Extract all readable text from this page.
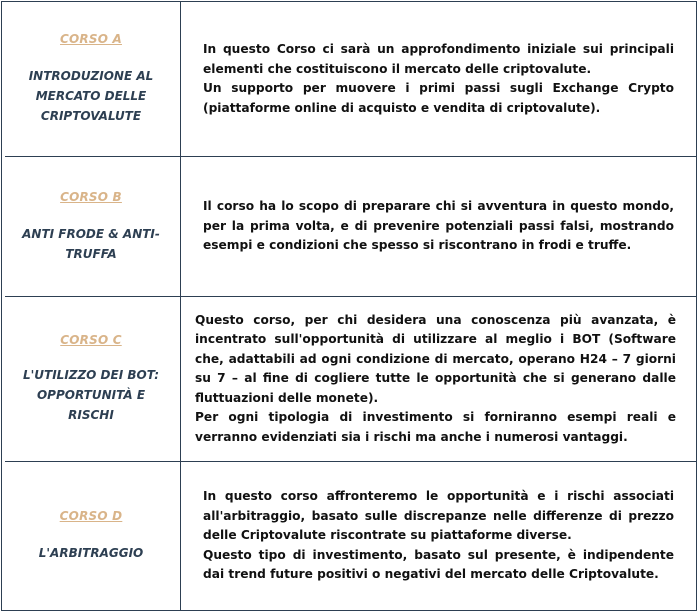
CORSO A
INTRODUZIONE AL MERCATO DELLE CRIPTOVALUTE

In questo Corso ci sarà un approfondimento iniziale sui principali elementi che costituiscono il mercato delle criptovalute.

Un supporto per muovere i primi passi sugli Exchange Crypto (piattaforme online di acquisto e vendita di criptovalute).

CORSO B
ANTI FRODE & ANTI-TRUFFA

Il corso ha lo scopo di preparare chi si avventura in questo mondo, per la prima volta, e di prevenire potenziali passi falsi, mostrando esempi e condizioni che spesso si riscontrano in frodi e truffe.

CORSO C
L'UTILIZZO DEI BOT: OPPORTUNITÀ E RISCHI

Questo corso, per chi desidera una conoscenza più avanzata, è incentrato sull'opportunità di utilizzare al meglio i BOT (Software che, adattabili ad ogni condizione di mercato, operano H24 – 7 giorni su 7 – al fine di cogliere tutte le opportunità che si generano dalle fluttuazioni delle monete).

Per ogni tipologia di investimento si forniranno esempi reali e verranno evidenziati sia i rischi ma anche i numerosi vantaggi.

CORSO D
L'ARBITRAGGIO

In questo corso affronteremo le opportunità e i rischi associati all'arbitraggio, basato sulle discrepanze nelle differenze di prezzo delle Criptovalute riscontrate su piattaforme diverse.

Questo tipo di investimento, basato sul presente, è indipendente dai trend future positivi o negativi del mercato delle Criptovalute.
